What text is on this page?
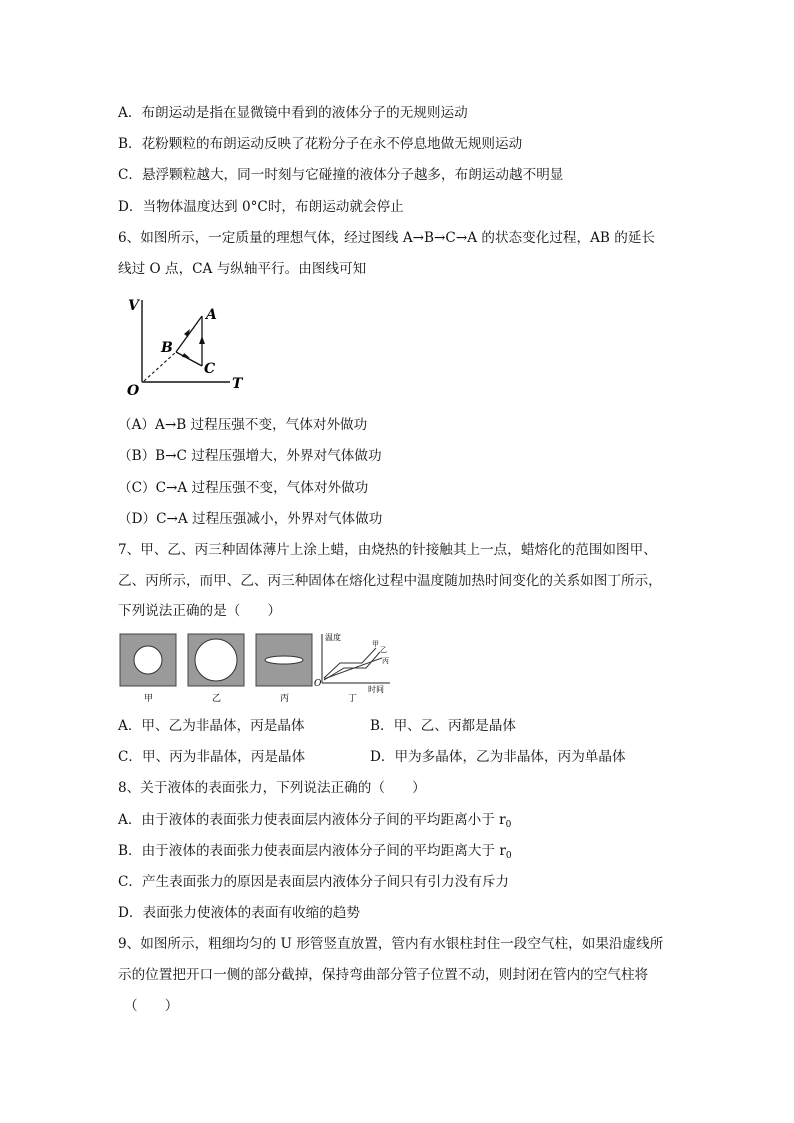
A．布朗运动是指在显微镜中看到的液体分子的无规则运动
B．花粉颗粒的布朗运动反映了花粉分子在永不停息地做无规则运动
C．悬浮颗粒越大，同一时刻与它碰撞的液体分子越多，布朗运动越不明显
D．当物体温度达到 0°C时，布朗运动就会停止
6、如图所示，一定质量的理想气体，经过图线 A→B→C→A 的状态变化过程，AB 的延长
线过 O 点，CA 与纵轴平行。由图线可知
V
T
O
A
B
C
（A）A→B 过程压强不变，气体对外做功
（B）B→C 过程压强增大，外界对气体做功
（C）C→A 过程压强不变，气体对外做功
（D）C→A 过程压强减小，外界对气体做功
7、甲、乙、丙三种固体薄片上涂上蜡，由烧热的针接触其上一点，蜡熔化的范围如图甲、
乙、丙所示，而甲、乙、丙三种固体在熔化过程中温度随加热时间变化的关系如图丁所示，
下列说法正确的是（　　）
温度
时间
O
甲
乙
丙
甲	乙	丙	丁
A．甲、乙为非晶体，丙是晶体	B．甲、乙、丙都是晶体
C．甲、丙为非晶体，丙是晶体	D．甲为多晶体，乙为非晶体，丙为单晶体
8、关于液体的表面张力，下列说法正确的（　　）
A．由于液体的表面张力使表面层内液体分子间的平均距离小于 $r_0$
B．由于液体的表面张力使表面层内液体分子间的平均距离大于 $r_0$
C．产生表面张力的原因是表面层内液体分子间只有引力没有斥力
D．表面张力使液体的表面有收缩的趋势
9、如图所示，粗细均匀的 U 形管竖直放置，管内有水银柱封住一段空气柱，如果沿虚线所
示的位置把开口一侧的部分截掉，保持弯曲部分管子位置不动，则封闭在管内的空气柱将
（　　）
